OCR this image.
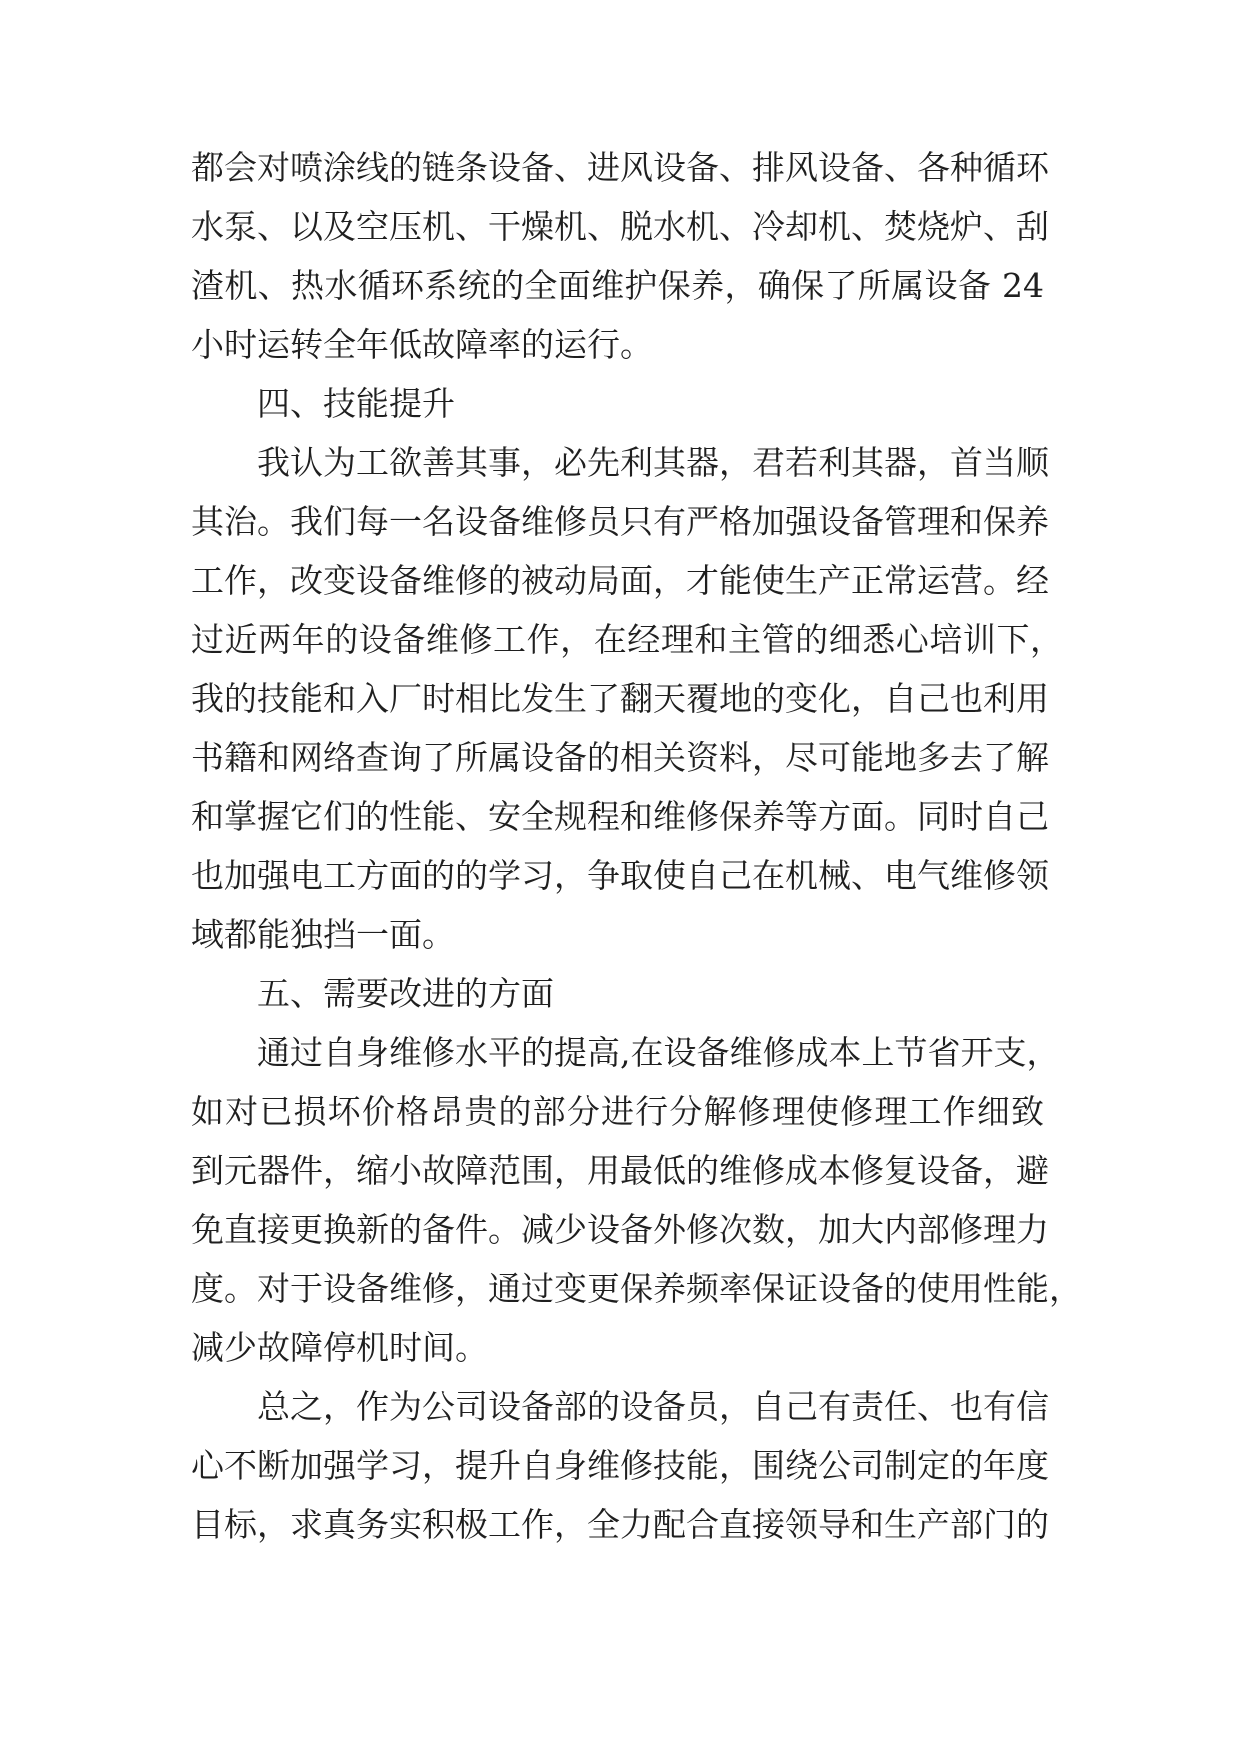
都会对喷涂线的链条设备、进风设备、排风设备、各种循环
水泵、以及空压机、干燥机、脱水机、冷却机、焚烧炉、刮
渣机、热水循环系统的全面维护保养，确保了所属设备 24
小时运转全年低故障率的运行。
四、技能提升
我认为工欲善其事，必先利其器，君若利其器，首当顺
其治。我们每一名设备维修员只有严格加强设备管理和保养
工作，改变设备维修的被动局面，才能使生产正常运营。经
过近两年的设备维修工作，在经理和主管的细悉心培训下，
我的技能和入厂时相比发生了翻天覆地的变化，自己也利用
书籍和网络查询了所属设备的相关资料，尽可能地多去了解
和掌握它们的性能、安全规程和维修保养等方面。同时自己
也加强电工方面的的学习，争取使自己在机械、电气维修领
域都能独挡一面。
五、需要改进的方面
通过自身维修水平的提高,在设备维修成本上节省开支，
如对已损坏价格昂贵的部分进行分解修理使修理工作细致
到元器件，缩小故障范围，用最低的维修成本修复设备，避
免直接更换新的备件。减少设备外修次数，加大内部修理力
度。对于设备维修，通过变更保养频率保证设备的使用性能，
减少故障停机时间。
总之，作为公司设备部的设备员，自己有责任、也有信
心不断加强学习，提升自身维修技能，围绕公司制定的年度
目标，求真务实积极工作，全力配合直接领导和生产部门的
